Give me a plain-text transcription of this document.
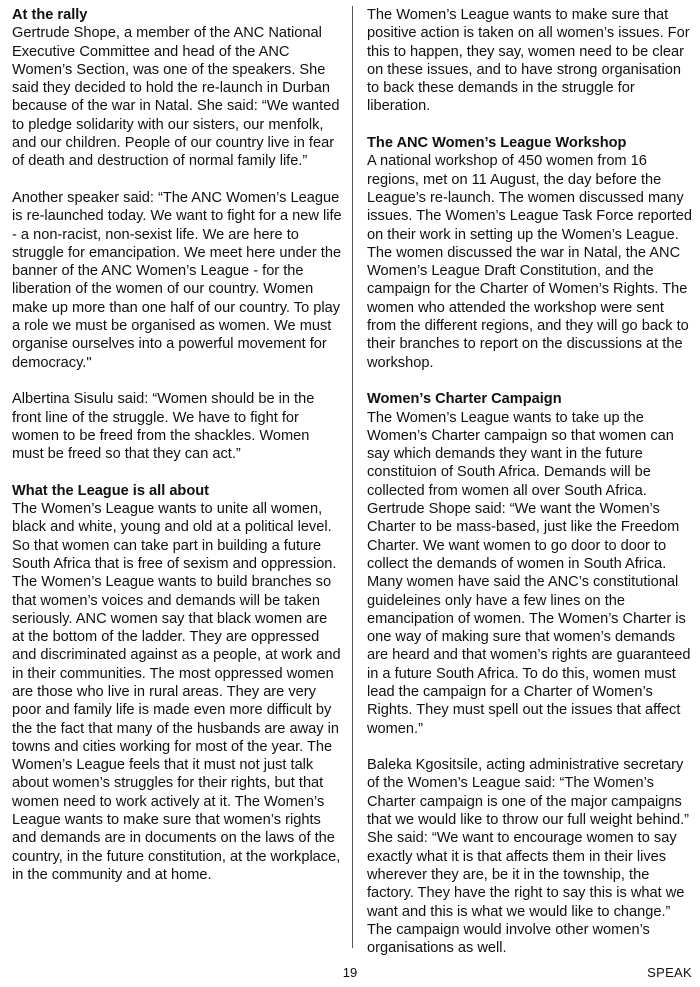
At the rally

Gertrude Shope, a member of the ANC National Executive Committee and head of the ANC Women’s Section, was one of the speakers. She said they decided to hold the re-launch in Durban because of the war in Natal. She said: “We wanted to pledge solidarity with our sisters, our menfolk, and our children. People of our country live in fear of death and destruction of normal family life.”

Another speaker said: “The ANC Women’s League is re-launched today. We want to fight for a new life - a non-racist, non-sexist life. We are here to struggle for emancipation. We meet here under the banner of the ANC Women’s League - for the liberation of the women of our country. Women make up more than one half of our country. To play a role we must be organised as women. We must organise ourselves into a powerful movement for democracy."

Albertina Sisulu said: “Women should be in the front line of the struggle. We have to fight for women to be freed from the shackles. Women must be freed so that they can act.”

What the League is all about

The Women’s League wants to unite all women, black and white, young and old at a political level. So that women can take part in building a future South Africa that is free of sexism and oppression. The Women’s League wants to build branches so that women’s voices and demands will be taken seriously. ANC women say that black women are at the bottom of the ladder. They are oppressed and discriminated against as a people, at work and in their communities. The most oppressed women are those who live in rural areas. They are very poor and family life is made even more difficult by the the fact that many of the husbands are away in towns and cities working for most of the year. The Women’s League feels that it must not just talk about women’s struggles for their rights, but that women need to work actively at it. The Women’s League wants to make sure that women’s rights and demands are in documents on the laws of the country, in the future constitution, at the workplace, in the community and at home.

The Women’s League wants to make sure that positive action is taken on all women’s issues. For this to happen, they say, women need to be clear on these issues, and to have strong organisation to back these demands in the struggle for liberation.

The ANC Women’s League Workshop

A national workshop of 450 women from 16 regions, met on 11 August, the day before the League’s re-launch. The women discussed many issues. The Women’s League Task Force reported on their work in setting up the Women’s League. The women discussed the war in Natal, the ANC Women’s League Draft Constitution, and the campaign for the Charter of Women’s Rights. The women who attended the workshop were sent from the different regions, and they will go back to their branches to report on the discussions at the workshop.

Women’s Charter Campaign

The Women’s League wants to take up the Women’s Charter campaign so that women can say which demands they want in the future constituion of South Africa. Demands will be collected from women all over South Africa. Gertrude Shope said: “We want the Women’s Charter to be mass-based, just like the Freedom Charter. We want women to go door to door to collect the demands of women in South Africa. Many women have said the ANC’s constitutional guideleines only have a few lines on the emancipation of women. The Women’s Charter is one way of making sure that women’s demands are heard and that women’s rights are guaranteed in a future South Africa. To do this, women must lead the campaign for a Charter of Women’s Rights. They must spell out the issues that affect women.”

Baleka Kgositsile, acting administrative secretary of the Women’s League said: “The Women’s Charter campaign is one of the major campaigns that we would like to throw our full weight behind.” She said: “We want to encourage women to say exactly what it is that affects them in their lives wherever they are, be it in the township, the factory. They have the right to say this is what we want and this is what we would like to change.” The campaign would involve other women’s organisations as well.

19	SPEAK
